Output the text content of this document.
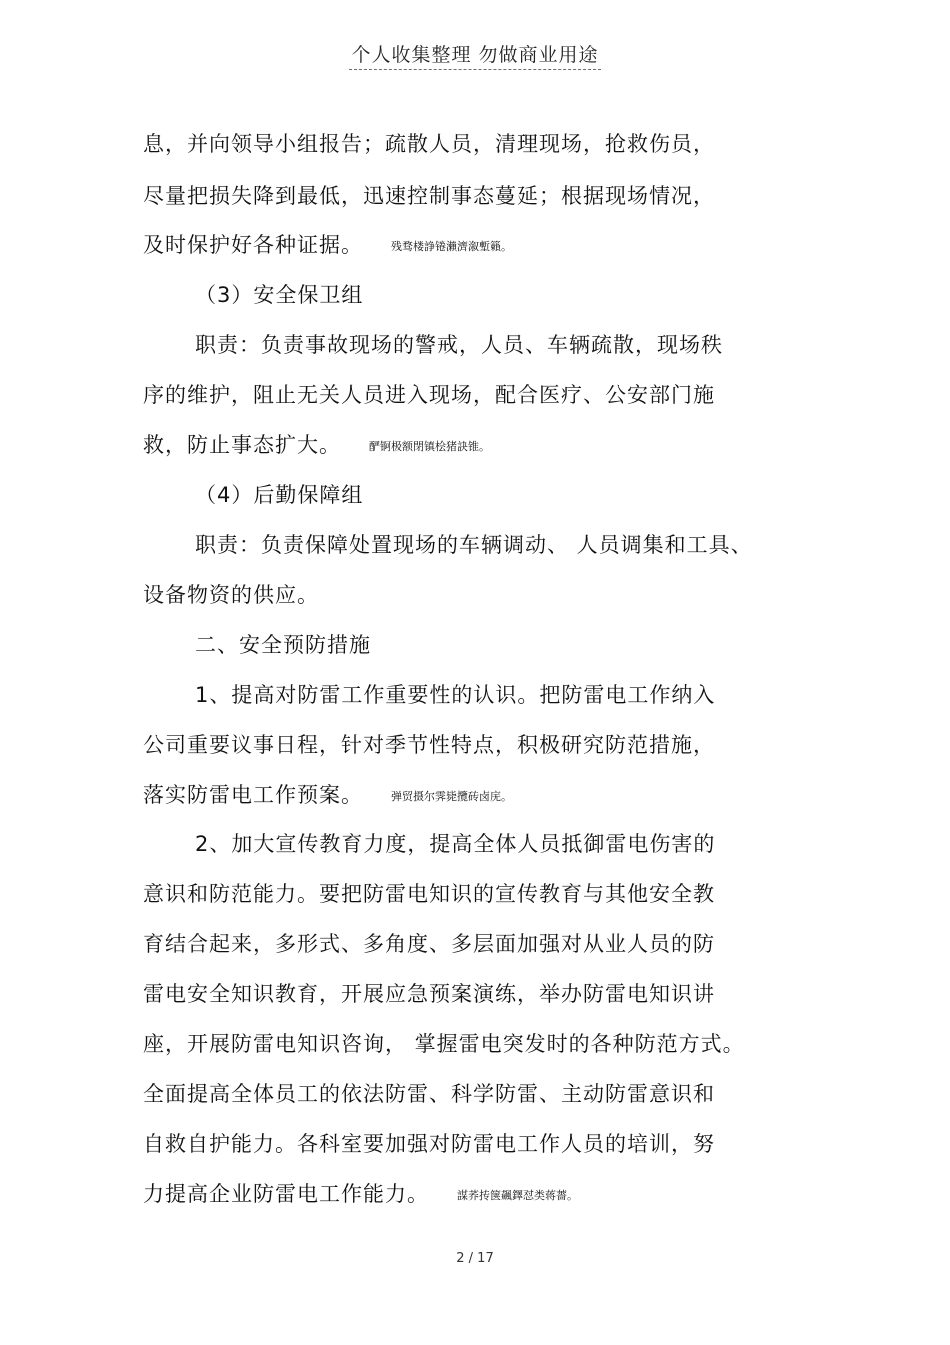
个人收集整理 勿做商业用途
息，并向领导小组报告；疏散人员，清理现场，抢救伤员，
尽量把损失降到最低，迅速控制事态蔓延；根据现场情况，
及时保护好各种证据。	残骛楼諍锩瀨濟溆塹籟。
（3）安全保卫组
职责：负责事故现场的警戒，人员、车辆疏散，现场秩
序的维护，阻止无关人员进入现场，配合医疗、公安部门施
救，防止事态扩大。	酽锕极额閉镇桧猪訣锥。
（4）后勤保障组
职责：负责保障处置现场的车辆调动、 人员调集和工具、
设备物资的供应。
二、安全预防措施
1、提高对防雷工作重要性的认识。把防雷电工作纳入
公司重要议事日程，针对季节性特点，积极研究防范措施，
落实防雷电工作预案。	弹贸摄尔霁毙攬砖卤庑。
2、加大宣传教育力度，提高全体人员抵御雷电伤害的
意识和防范能力。要把防雷电知识的宣传教育与其他安全教
育结合起来，多形式、多角度、多层面加强对从业人员的防
雷电安全知识教育，开展应急预案演练，举办防雷电知识讲
座，开展防雷电知识咨询， 掌握雷电突发时的各种防范方式。
全面提高全体员工的依法防雷、科学防雷、主动防雷意识和
自救自护能力。各科室要加强对防雷电工作人员的培训，努
力提高企业防雷电工作能力。	謀荞抟箧飆鐸怼类蒋薔。
2 / 17
